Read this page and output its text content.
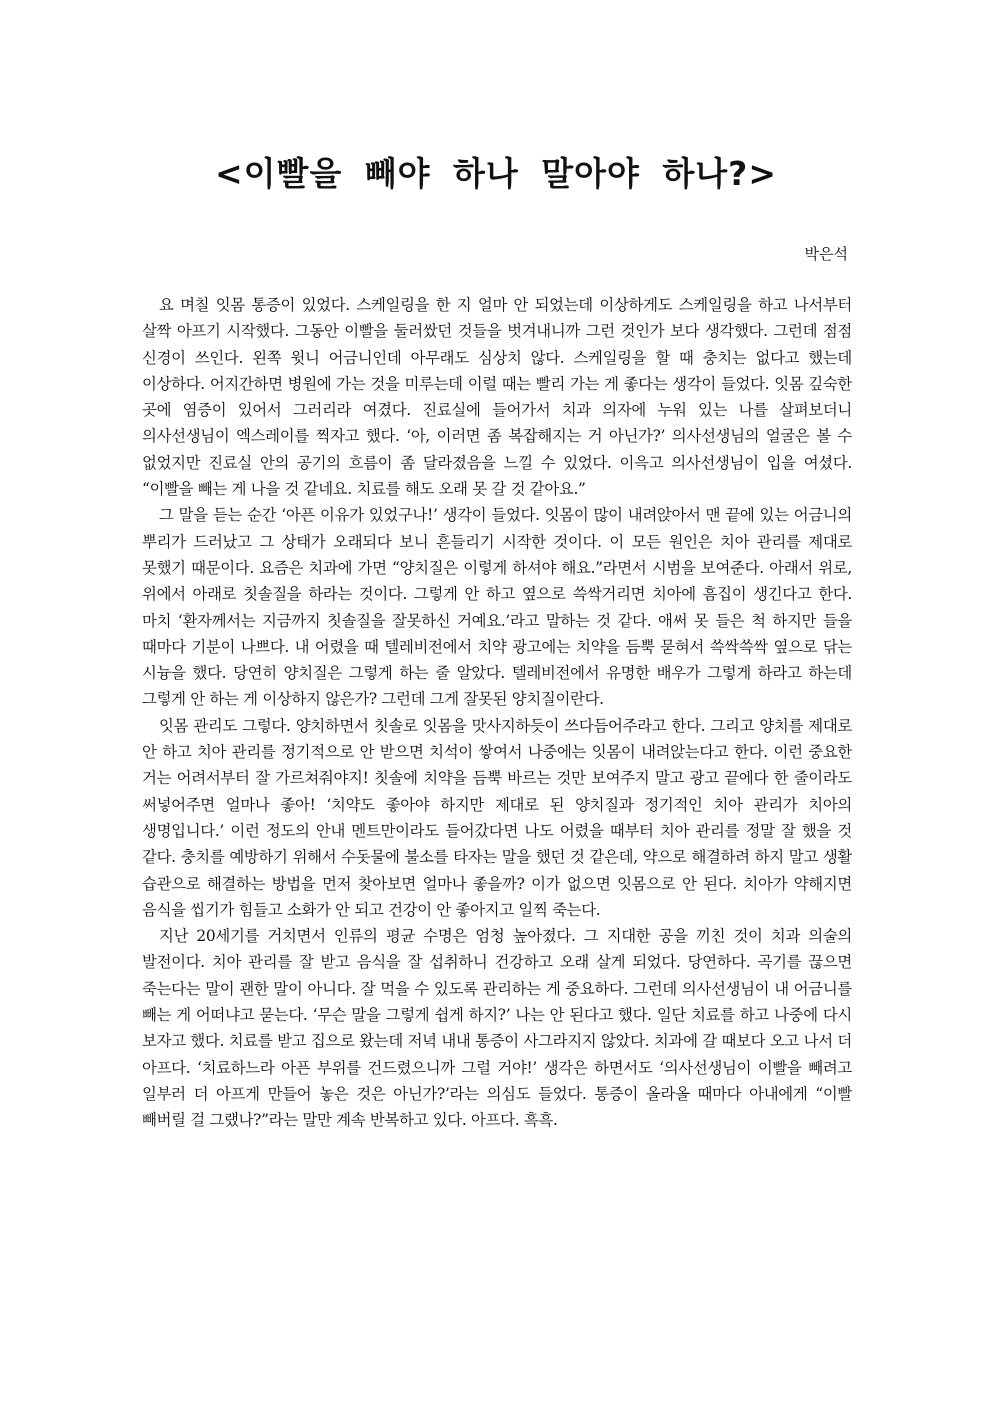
<이빨을 빼야 하나 말아야 하나?>
박은석

요 며칠 잇몸 통증이 있었다. 스케일링을 한 지 얼마 안 되었는데 이상하게도 스케일링을 하고 나서부터 살짝 아프기 시작했다. 그동안 이빨을 둘러쌌던 것들을 벗겨내니까 그런 것인가 보다 생각했다. 그런데 점점 신경이 쓰인다. 왼쪽 윗니 어금니인데 아무래도 심상치 않다. 스케일링을 할 때 충치는 없다고 했는데 이상하다. 어지간하면 병원에 가는 것을 미루는데 이럴 때는 빨리 가는 게 좋다는 생각이 들었다. 잇몸 깊숙한 곳에 염증이 있어서 그러리라 여겼다. 진료실에 들어가서 치과 의자에 누워 있는 나를 살펴보더니 의사선생님이 엑스레이를 찍자고 했다. ‘아, 이러면 좀 복잡해지는 거 아닌가?’ 의사선생님의 얼굴은 볼 수 없었지만 진료실 안의 공기의 흐름이 좀 달라졌음을 느낄 수 있었다. 이윽고 의사선생님이 입을 여셨다. “이빨을 빼는 게 나을 것 같네요. 치료를 해도 오래 못 갈 것 같아요.”

그 말을 듣는 순간 ‘아픈 이유가 있었구나!’ 생각이 들었다. 잇몸이 많이 내려앉아서 맨 끝에 있는 어금니의 뿌리가 드러났고 그 상태가 오래되다 보니 흔들리기 시작한 것이다. 이 모든 원인은 치아 관리를 제대로 못했기 때문이다. 요즘은 치과에 가면 “양치질은 이렇게 하셔야 해요.”라면서 시범을 보여준다. 아래서 위로, 위에서 아래로 칫솔질을 하라는 것이다. 그렇게 안 하고 옆으로 쓱싹거리면 치아에 흠집이 생긴다고 한다. 마치 ‘환자께서는 지금까지 칫솔질을 잘못하신 거예요.’라고 말하는 것 같다. 애써 못 들은 척 하지만 들을 때마다 기분이 나쁘다. 내 어렸을 때 텔레비전에서 치약 광고에는 치약을 듬뿍 묻혀서 쓱싹쓱싹 옆으로 닦는 시늉을 했다. 당연히 양치질은 그렇게 하는 줄 알았다. 텔레비전에서 유명한 배우가 그렇게 하라고 하는데 그렇게 안 하는 게 이상하지 않은가? 그런데 그게 잘못된 양치질이란다.

잇몸 관리도 그렇다. 양치하면서 칫솔로 잇몸을 맛사지하듯이 쓰다듬어주라고 한다. 그리고 양치를 제대로 안 하고 치아 관리를 정기적으로 안 받으면 치석이 쌓여서 나중에는 잇몸이 내려앉는다고 한다. 이런 중요한 거는 어려서부터 잘 가르쳐줘야지! 칫솔에 치약을 듬뿍 바르는 것만 보여주지 말고 광고 끝에다 한 줄이라도 써넣어주면 얼마나 좋아! ‘치약도 좋아야 하지만 제대로 된 양치질과 정기적인 치아 관리가 치아의 생명입니다.’ 이런 정도의 안내 멘트만이라도 들어갔다면 나도 어렸을 때부터 치아 관리를 정말 잘 했을 것 같다. 충치를 예방하기 위해서 수돗물에 불소를 타자는 말을 했던 것 같은데, 약으로 해결하려 하지 말고 생활 습관으로 해결하는 방법을 먼저 찾아보면 얼마나 좋을까? 이가 없으면 잇몸으로 안 된다. 치아가 약해지면 음식을 씹기가 힘들고 소화가 안 되고 건강이 안 좋아지고 일찍 죽는다.

지난 20세기를 거치면서 인류의 평균 수명은 엄청 높아졌다. 그 지대한 공을 끼친 것이 치과 의술의 발전이다. 치아 관리를 잘 받고 음식을 잘 섭취하니 건강하고 오래 살게 되었다. 당연하다. 곡기를 끊으면 죽는다는 말이 괜한 말이 아니다. 잘 먹을 수 있도록 관리하는 게 중요하다. 그런데 의사선생님이 내 어금니를 빼는 게 어떠냐고 묻는다. ‘무슨 말을 그렇게 쉽게 하지?’ 나는 안 된다고 했다. 일단 치료를 하고 나중에 다시 보자고 했다. 치료를 받고 집으로 왔는데 저녁 내내 통증이 사그라지지 않았다. 치과에 갈 때보다 오고 나서 더 아프다. ‘치료하느라 아픈 부위를 건드렸으니까 그럴 거야!’ 생각은 하면서도 ‘의사선생님이 이빨을 빼려고 일부러 더 아프게 만들어 놓은 것은 아닌가?’라는 의심도 들었다. 통증이 올라올 때마다 아내에게 “이빨 빼버릴 걸 그랬나?”라는 말만 계속 반복하고 있다. 아프다. 흑흑.
